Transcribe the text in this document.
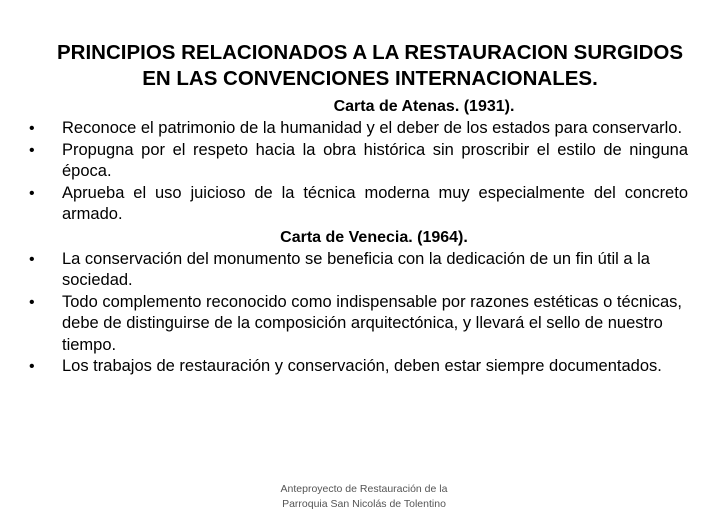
PRINCIPIOS RELACIONADOS A LA RESTAURACION SURGIDOS
EN LAS CONVENCIONES INTERNACIONALES.
Carta de Atenas. (1931).
• Reconoce el patrimonio de la humanidad y el deber de los estados para conservarlo.
• Propugna por el respeto hacia la obra histórica sin proscribir el estilo de ninguna época.
• Aprueba el uso juicioso de la técnica moderna muy especialmente del concreto armado.
Carta de Venecia. (1964).
• La conservación del monumento se beneficia con la dedicación de un fin útil a la sociedad.
• Todo complemento reconocido como indispensable por razones estéticas o técnicas, debe de distinguirse de la composición arquitectónica, y llevará el sello de nuestro tiempo.
• Los trabajos de restauración y conservación, deben estar siempre documentados.
Anteproyecto de Restauración de la
Parroquia San Nicolás de Tolentino
